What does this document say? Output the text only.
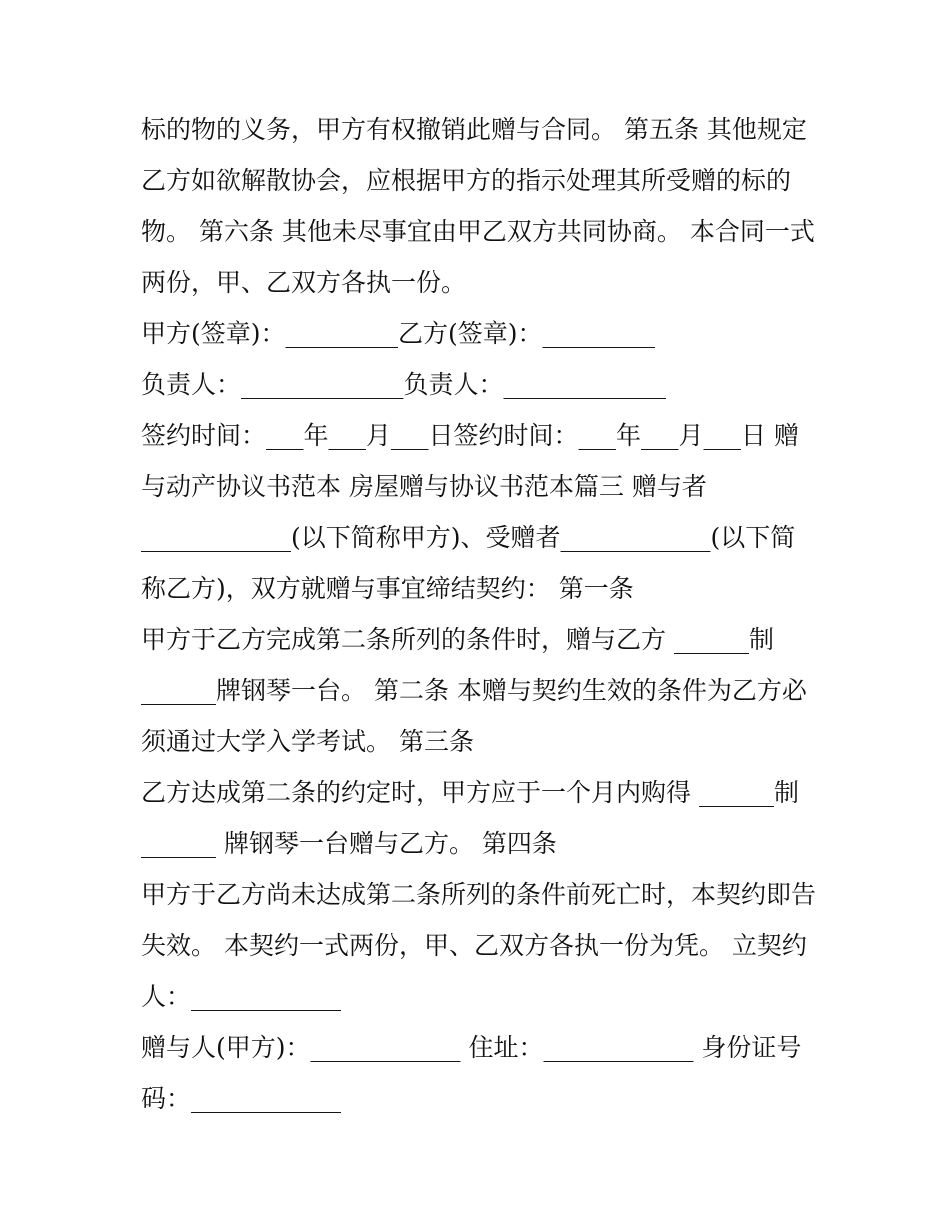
标的物的义务，甲方有权撤销此赠与合同。 第五条 其他规定
乙方如欲解散协会，应根据甲方的指示处理其所受赠的标的
物。 第六条 其他未尽事宜由甲乙双方共同协商。 本合同一式
两份，甲、乙双方各执一份。
甲方(签章)：_________乙方(签章)：_________
负责人：_____________负责人：_____________
签约时间：___年___月___日签约时间：___年___月___日 赠
与动产协议书范本 房屋赠与协议书范本篇三 赠与者
____________(以下简称甲方)、受赠者____________(以下简
称乙方)，双方就赠与事宜缔结契约： 第一条
甲方于乙方完成第二条所列的条件时，赠与乙方 ______制
______牌钢琴一台。 第二条 本赠与契约生效的条件为乙方必
须通过大学入学考试。 第三条
乙方达成第二条的约定时，甲方应于一个月内购得 ______制
______ 牌钢琴一台赠与乙方。 第四条
甲方于乙方尚未达成第二条所列的条件前死亡时，本契约即告
失效。 本契约一式两份，甲、乙双方各执一份为凭。 立契约
人：____________
赠与人(甲方)：____________ 住址：____________ 身份证号
码：____________
